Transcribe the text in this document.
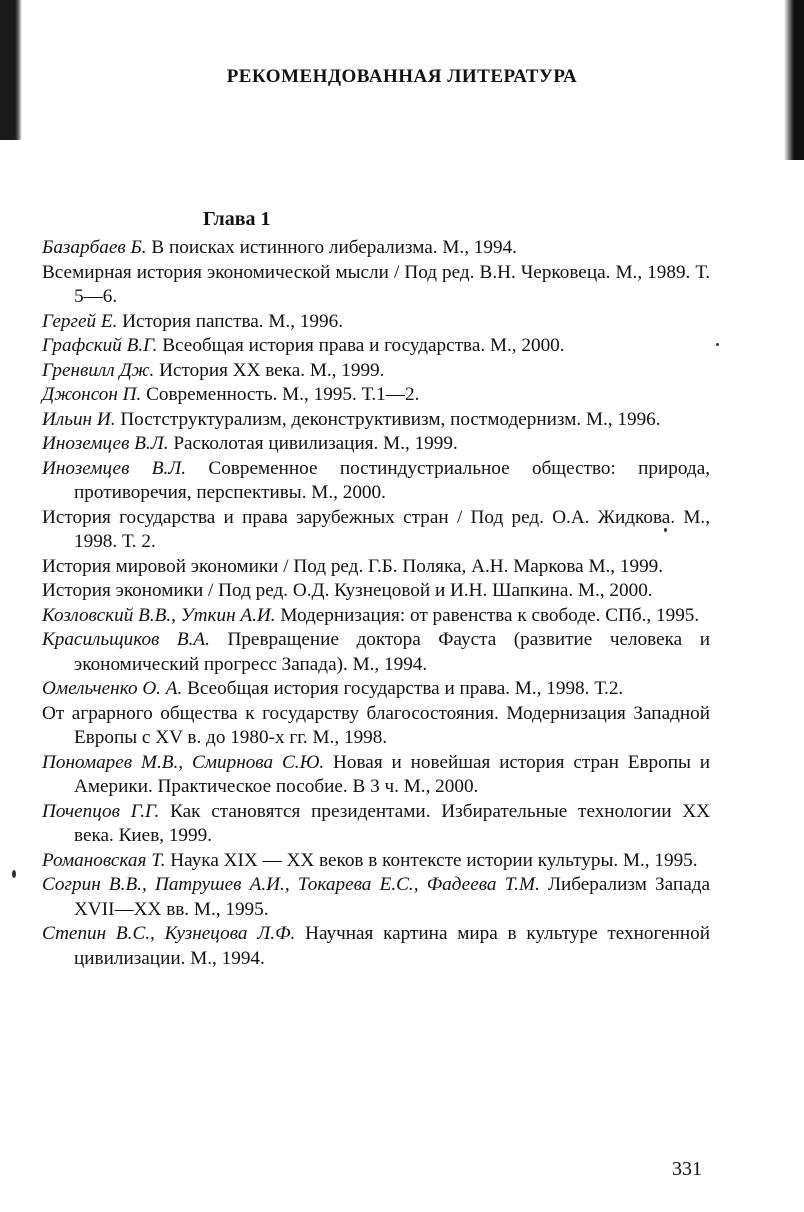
РЕКОМЕНДОВАННАЯ ЛИТЕРАТУРА
Глава 1
Базарбаев Б. В поисках истинного либерализма. М., 1994.
Всемирная история экономической мысли / Под ред. В.Н. Черковеца. М., 1989. Т. 5—6.
Гергей Е. История папства. М., 1996.
Графский В.Г. Всеобщая история права и государства. М., 2000.
Гренвилл Дж. История XX века. М., 1999.
Джонсон П. Современность. М., 1995. Т.1—2.
Ильин И. Постструктурализм, деконструктивизм, постмодернизм. М., 1996.
Иноземцев В.Л. Расколотая цивилизация. М., 1999.
Иноземцев В.Л. Современное постиндустриальное общество: природа, противоречия, перспективы. М., 2000.
История государства и права зарубежных стран / Под ред. О.А. Жидкова. М., 1998. Т. 2.
История мировой экономики / Под ред. Г.Б. Поляка, А.Н. Маркова М., 1999.
История экономики / Под ред. О.Д. Кузнецовой и И.Н. Шапкина. М., 2000.
Козловский В.В., Уткин А.И. Модернизация: от равенства к свободе. СПб., 1995.
Красильщиков В.А. Превращение доктора Фауста (развитие человека и экономический прогресс Запада). М., 1994.
Омельченко О. А. Всеобщая история государства и права. М., 1998. Т.2.
От аграрного общества к государству благосостояния. Модернизация Западной Европы с XV в. до 1980-х гг. М., 1998.
Пономарев М.В., Смирнова С.Ю. Новая и новейшая история стран Европы и Америки. Практическое пособие. В 3 ч. М., 2000.
Почепцов Г.Г. Как становятся президентами. Избирательные технологии XX века. Киев, 1999.
Романовская Т. Наука XIX — XX веков в контексте истории культуры. М., 1995.
Согрин В.В., Патрушев А.И., Токарева Е.С., Фадеева Т.М. Либерализм Запада XVII—XX вв. М., 1995.
Степин В.С., Кузнецова Л.Ф. Научная картина мира в культуре техногенной цивилизации. М., 1994.
331
